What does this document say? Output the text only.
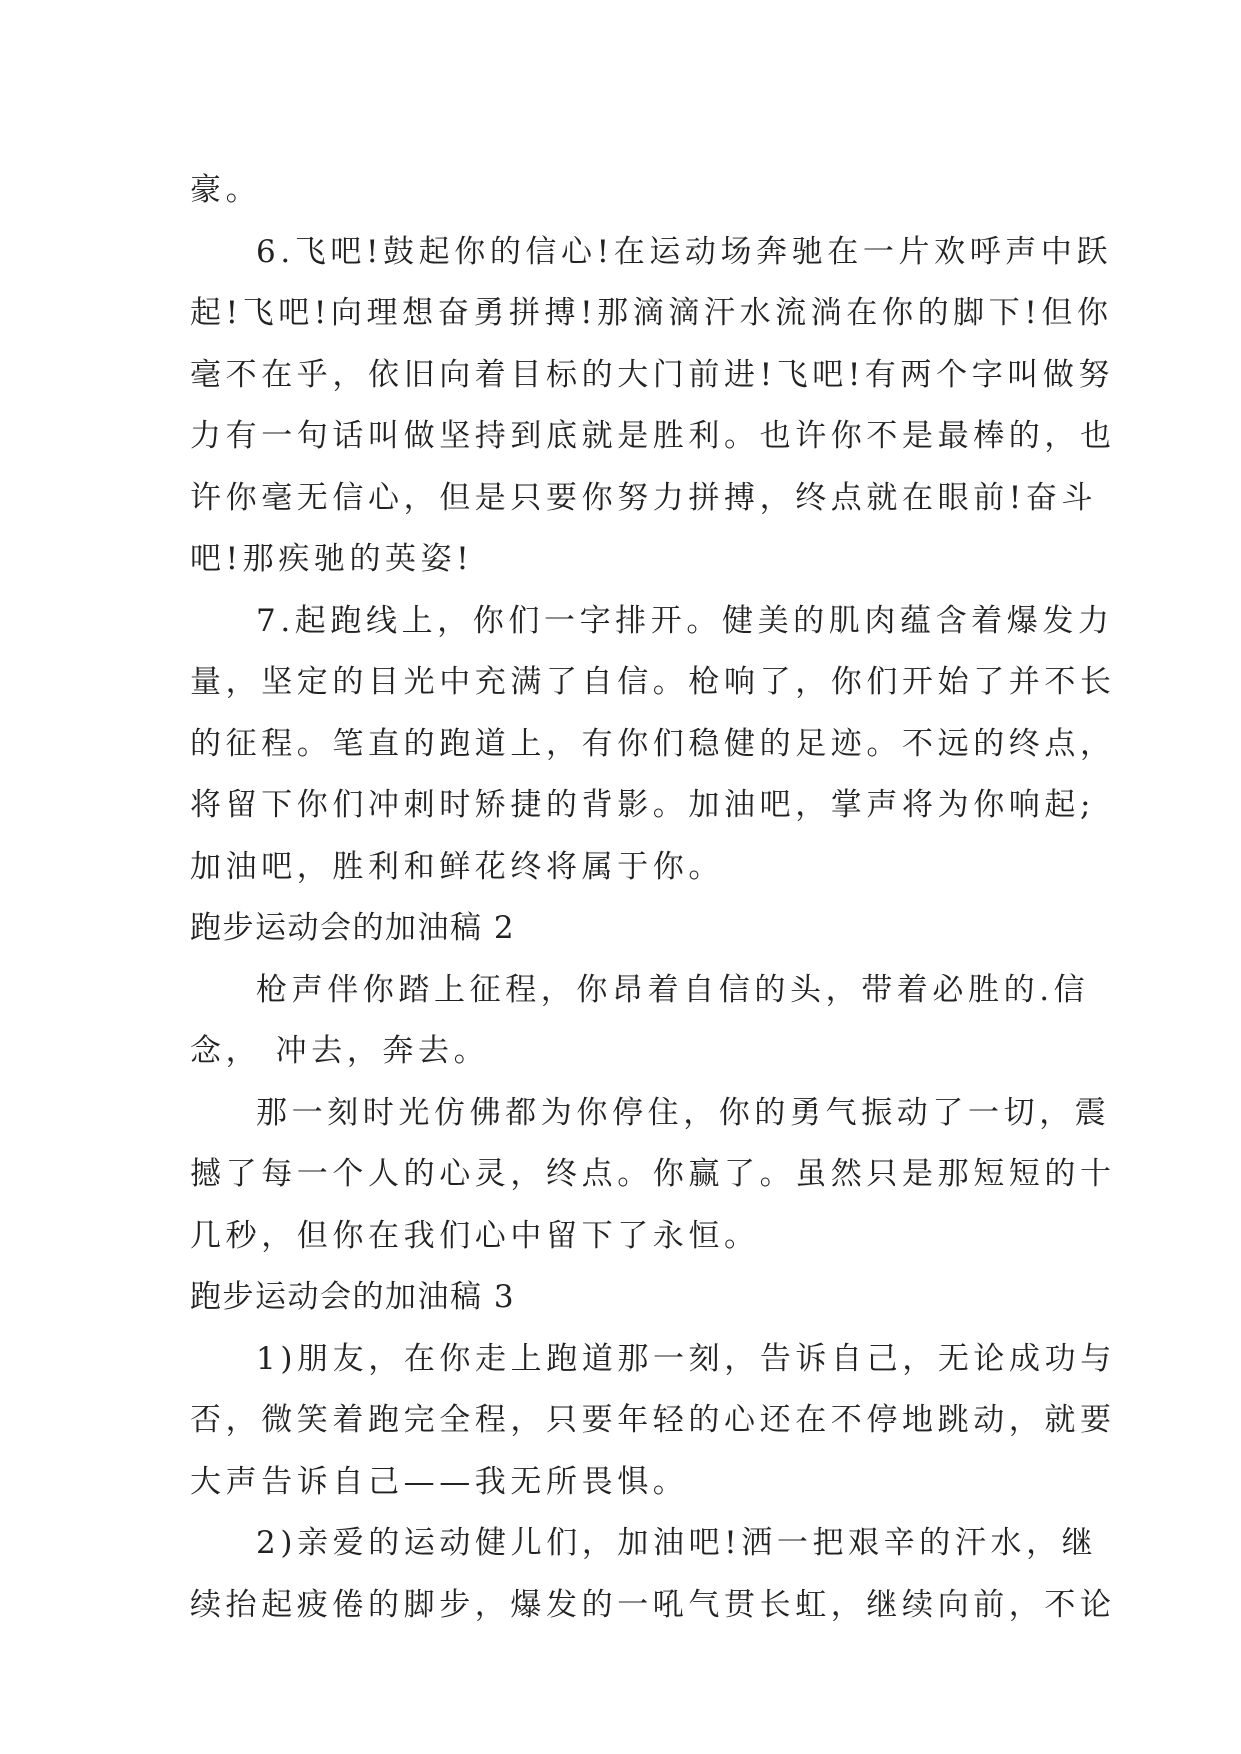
豪。

6.飞吧!鼓起你的信心!在运动场奔驰在一片欢呼声中跃

起!飞吧!向理想奋勇拼搏!那滴滴汗水流淌在你的脚下!但你

毫不在乎，依旧向着目标的大门前进!飞吧!有两个字叫做努

力有一句话叫做坚持到底就是胜利。也许你不是最棒的，也

许你毫无信心，但是只要你努力拼搏，终点就在眼前!奋斗

吧!那疾驰的英姿!

7.起跑线上，你们一字排开。健美的肌肉蕴含着爆发力

量，坚定的目光中充满了自信。枪响了，你们开始了并不长

的征程。笔直的跑道上，有你们稳健的足迹。不远的终点，

将留下你们冲刺时矫捷的背影。加油吧，掌声将为你响起;

加油吧，胜利和鲜花终将属于你。

跑步运动会的加油稿 2

枪声伴你踏上征程，你昂着自信的头，带着必胜的.信

念， 冲去，奔去。

那一刻时光仿佛都为你停住，你的勇气振动了一切，震

撼了每一个人的心灵，终点。你赢了。虽然只是那短短的十

几秒，但你在我们心中留下了永恒。

跑步运动会的加油稿 3

1)朋友，在你走上跑道那一刻，告诉自己，无论成功与

否，微笑着跑完全程，只要年轻的心还在不停地跳动，就要

大声告诉自己——我无所畏惧。

2)亲爱的运动健儿们，加油吧!洒一把艰辛的汗水，继

续抬起疲倦的脚步，爆发的一吼气贯长虹，继续向前，不论
